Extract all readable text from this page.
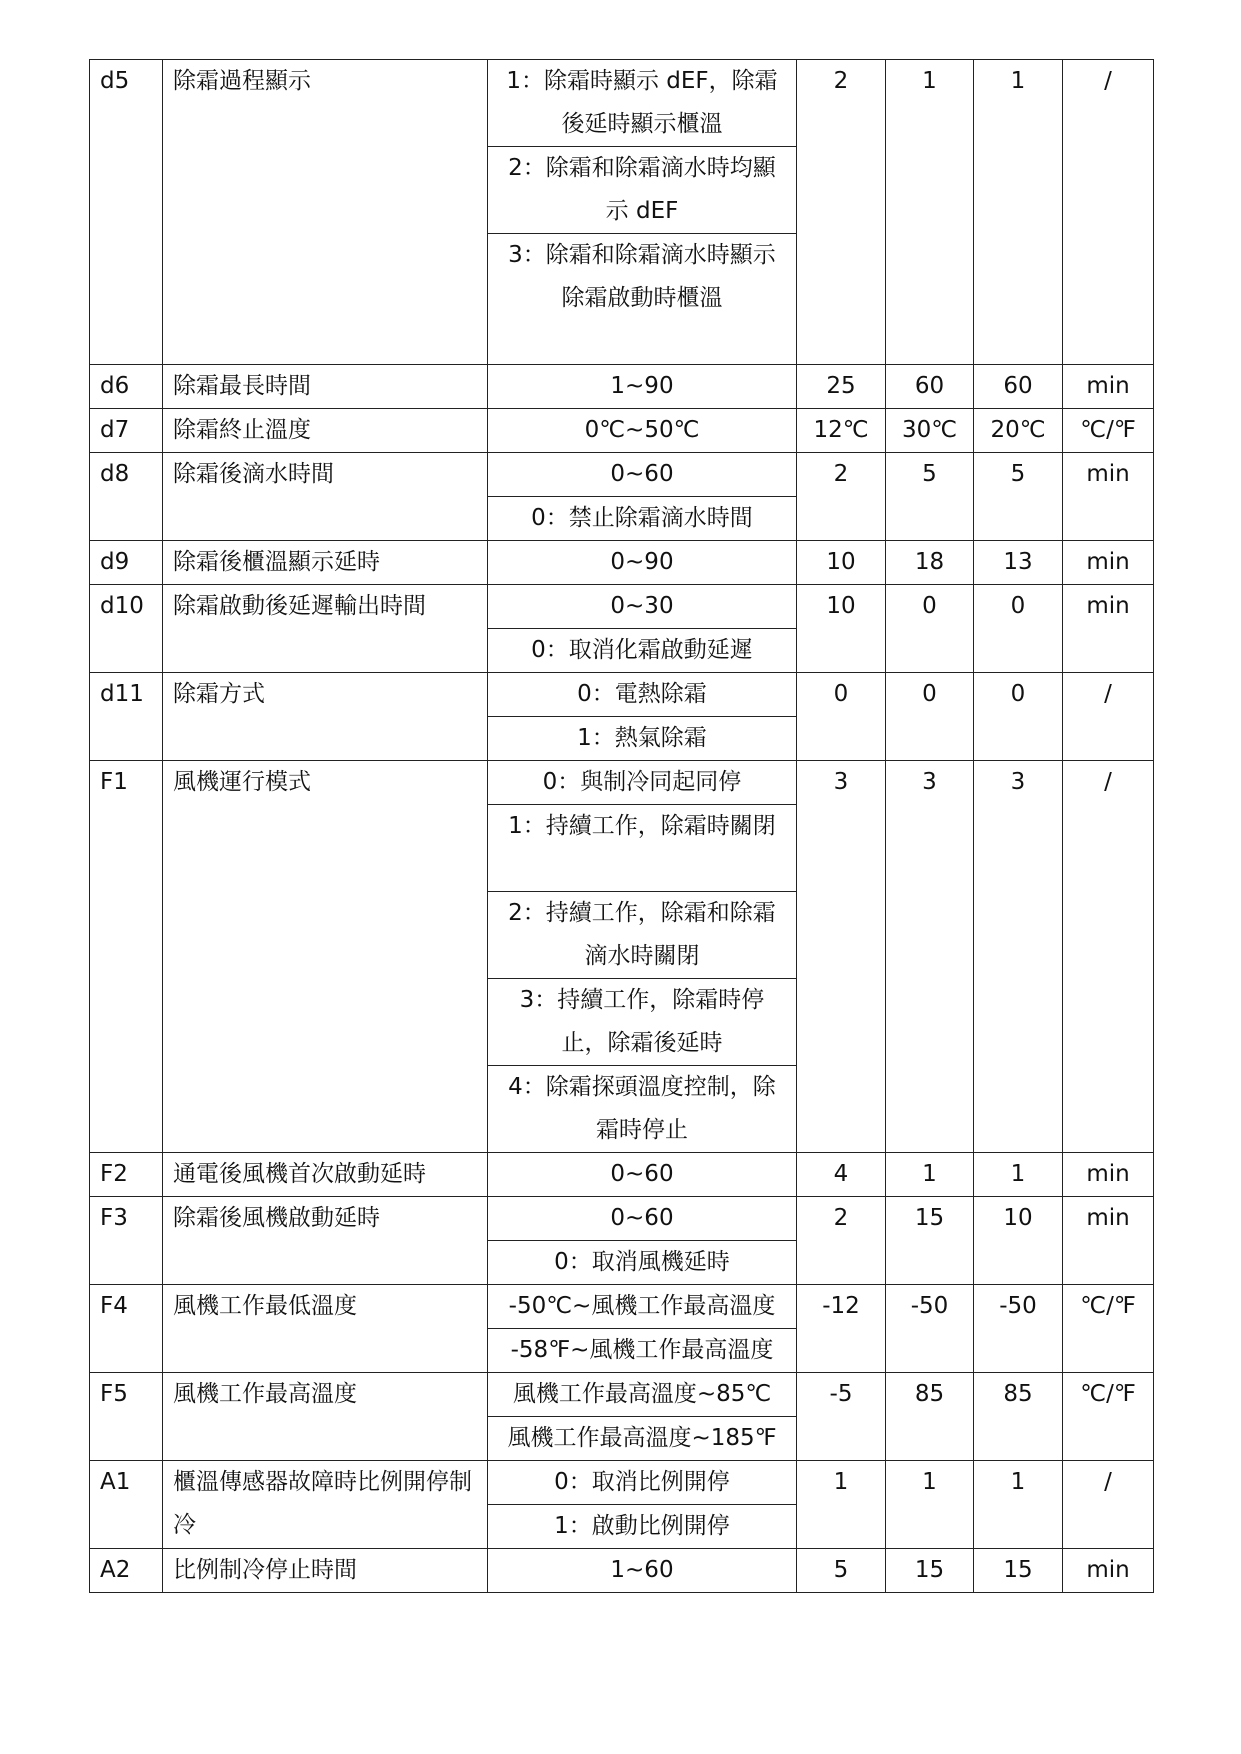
d5	除霜過程顯示	1：除霜時顯示 dEF，除霜後延時顯示櫃溫	2	1	1	/
		2：除霜和除霜滴水時均顯示 dEF				
		3：除霜和除霜滴水時顯示除霜啟動時櫃溫				
d6	除霜最長時間	1~90	25	60	60	min
d7	除霜終止溫度	0℃~50℃	12℃	30℃	20℃	℃/℉
d8	除霜後滴水時間	0~60	2	5	5	min
		0：禁止除霜滴水時間				
d9	除霜後櫃溫顯示延時	0~90	10	18	13	min
d10	除霜啟動後延遲輸出時間	0~30	10	0	0	min
		0：取消化霜啟動延遲				
d11	除霜方式	0：電熱除霜	0	0	0	/
		1：熱氣除霜				
F1	風機運行模式	0：與制冷同起同停	3	3	3	/
		1：持續工作，除霜時關閉				
		2：持續工作，除霜和除霜滴水時關閉				
		3：持續工作，除霜時停止，除霜後延時				
		4：除霜探頭溫度控制，除霜時停止				
F2	通電後風機首次啟動延時	0~60	4	1	1	min
F3	除霜後風機啟動延時	0~60	2	15	10	min
		0：取消風機延時				
F4	風機工作最低溫度	-50℃~風機工作最高溫度	-12	-50	-50	℃/℉
		-58℉~風機工作最高溫度				
F5	風機工作最高溫度	風機工作最高溫度~85℃	-5	85	85	℃/℉
		風機工作最高溫度~185℉				
A1	櫃溫傳感器故障時比例開停制冷	0：取消比例開停	1	1	1	/
		1：啟動比例開停				
A2	比例制冷停止時間	1~60	5	15	15	min
